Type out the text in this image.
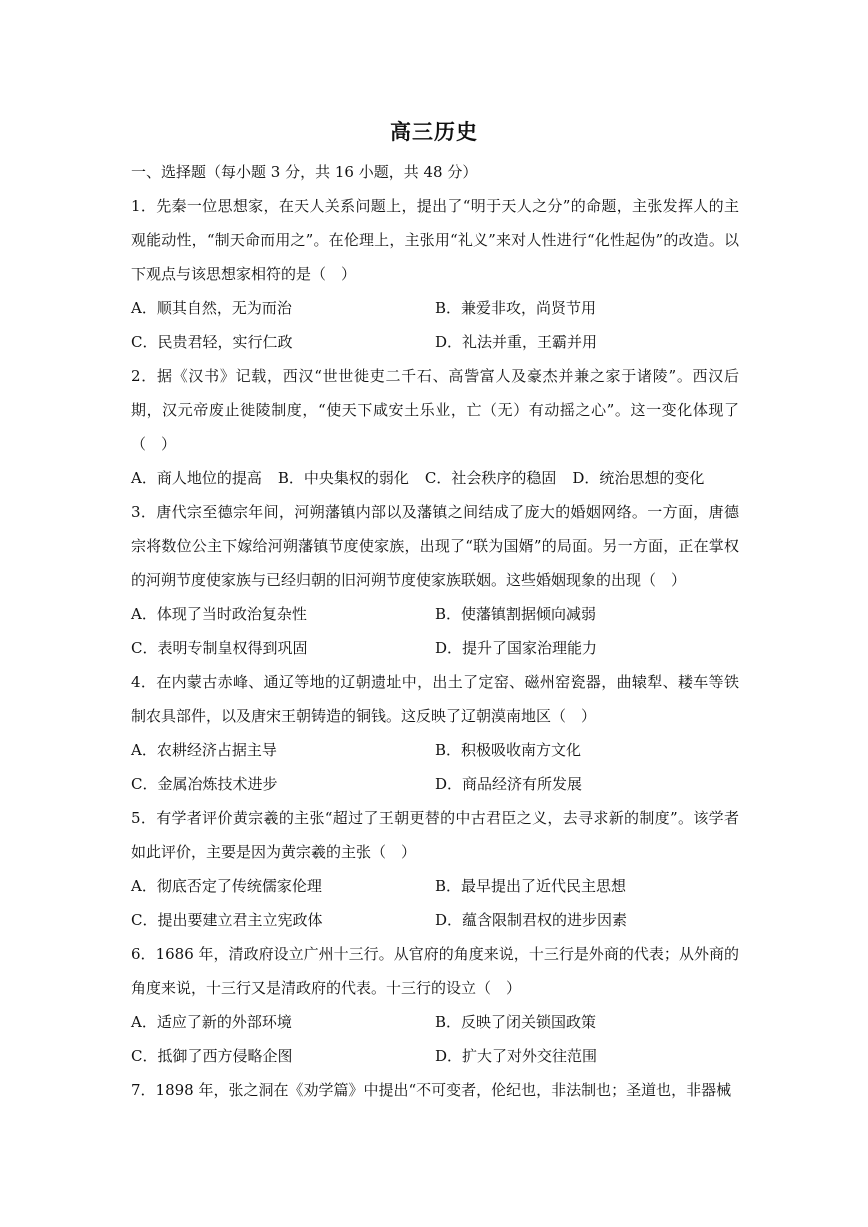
高三历史

一、选择题（每小题 3 分，共 16 小题，共 48 分）

1．先秦一位思想家，在天人关系问题上，提出了“明于天人之分”的命题，主张发挥人的主观能动性，“制天命而用之”。在伦理上，主张用“礼义”来对人性进行“化性起伪”的改造。以下观点与该思想家相符的是（　）

A．顺其自然，无为而治	B．兼爱非攻，尚贤节用
C．民贵君轻，实行仁政	D．礼法并重，王霸并用

2．据《汉书》记载，西汉“世世徙吏二千石、高訾富人及豪杰并兼之家于诸陵”。西汉后期，汉元帝废止徙陵制度，“使天下咸安土乐业，亡（无）有动摇之心”。这一变化体现了（　）

A．商人地位的提高 B．中央集权的弱化 C．社会秩序的稳固 D．统治思想的变化

3．唐代宗至德宗年间，河朔藩镇内部以及藩镇之间结成了庞大的婚姻网络。一方面，唐德宗将数位公主下嫁给河朔藩镇节度使家族，出现了“联为国婿”的局面。另一方面，正在掌权的河朔节度使家族与已经归朝的旧河朔节度使家族联姻。这些婚姻现象的出现（　）

A．体现了当时政治复杂性	B．使藩镇割据倾向减弱
C．表明专制皇权得到巩固	D．提升了国家治理能力

4．在内蒙古赤峰、通辽等地的辽朝遗址中，出土了定窑、磁州窑瓷器，曲辕犁、耧车等铁制农具部件，以及唐宋王朝铸造的铜钱。这反映了辽朝漠南地区（　）

A．农耕经济占据主导	B．积极吸收南方文化
C．金属冶炼技术进步	D．商品经济有所发展

5．有学者评价黄宗羲的主张“超过了王朝更替的中古君臣之义，去寻求新的制度”。该学者如此评价，主要是因为黄宗羲的主张（　）

A．彻底否定了传统儒家伦理	B．最早提出了近代民主思想
C．提出要建立君主立宪政体	D．蕴含限制君权的进步因素

6．1686 年，清政府设立广州十三行。从官府的角度来说，十三行是外商的代表；从外商的角度来说，十三行又是清政府的代表。十三行的设立（　）

A．适应了新的外部环境	B．反映了闭关锁国政策
C．抵御了西方侵略企图	D．扩大了对外交往范围

7．1898 年，张之洞在《劝学篇》中提出“不可变者，伦纪也，非法制也；圣道也，非器械
